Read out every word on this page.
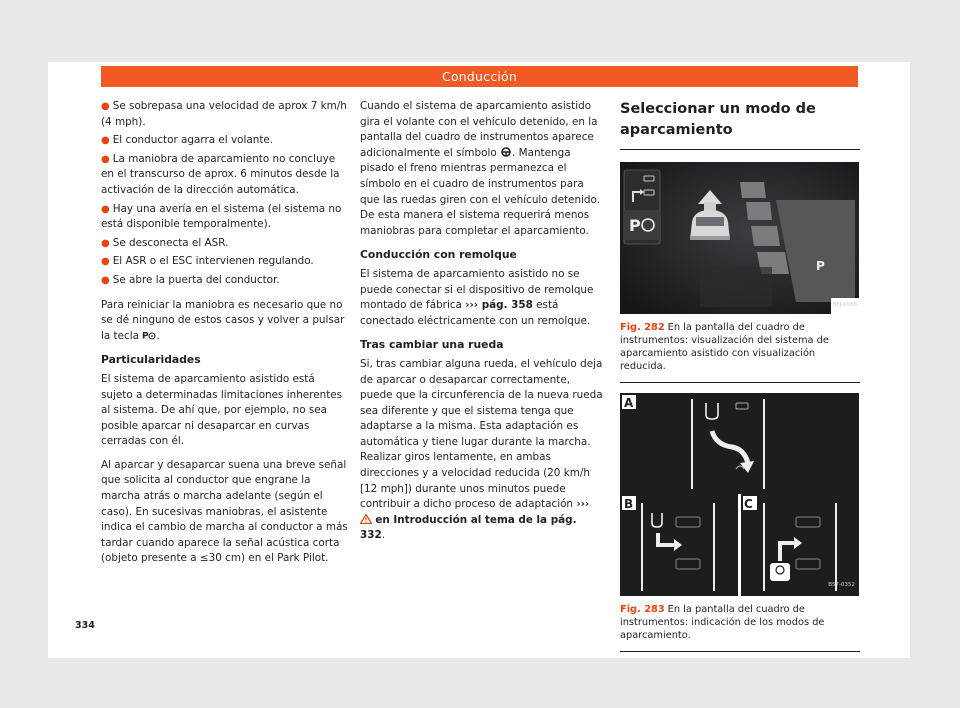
Conducción
● Se sobrepasa una velocidad de aprox 7 km/h (4 mph).
● El conductor agarra el volante.
● La maniobra de aparcamiento no concluye en el transcurso de aprox. 6 minutos desde la activación de la dirección automática.
● Hay una avería en el sistema (el sistema no está disponible temporalmente).
● Se desconecta el ASR.
● El ASR o el ESC intervienen regulando.
● Se abre la puerta del conductor.

Para reiniciar la maniobra es necesario que no se dé ninguno de estos casos y volver a pulsar la tecla P .

Particularidades

El sistema de aparcamiento asistido está sujeto a determinadas limitaciones inherentes al sistema. De ahí que, por ejemplo, no sea posible aparcar ni desaparcar en curvas cerradas con él.

Al aparcar y desaparcar suena una breve señal que solicita al conductor que engrane la marcha atrás o marcha adelante (según el caso). En sucesivas maniobras, el asistente indica el cambio de marcha al conductor a más tardar cuando aparece la señal acústica corta (objeto presente a ≤30 cm) en el Park Pilot.

Cuando el sistema de aparcamiento asistido gira el volante con el vehículo detenido, en la pantalla del cuadro de instrumentos aparece adicionalmente el símbolo . Mantenga pisado el freno mientras permanezca el símbolo en el cuadro de instrumentos para que las ruedas giren con el vehículo detenido. De esta manera el sistema requerirá menos maniobras para completar el aparcamiento.

Conducción con remolque

El sistema de aparcamiento asistido no se puede conectar si el dispositivo de remolque montado de fábrica ››› pág. 358 está conectado eléctricamente con un remolque.

Tras cambiar una rueda

Si, tras cambiar alguna rueda, el vehículo deja de aparcar o desaparcar correctamente, puede que la circunferencia de la nueva rueda sea diferente y que el sistema tenga que adaptarse a la misma. Esta adaptación es automática y tiene lugar durante la marcha. Realizar giros lentamente, en ambas direcciones y a velocidad reducida (20 km/h [12 mph]) durante unos minutos puede contribuir a dicho proceso de adaptación ›››  en Introducción al tema de la pág. 332.

Seleccionar un modo de aparcamiento
P
P
BFJ-0068
Fig. 282 En la pantalla del cuadro de instrumentos: visualización del sistema de aparcamiento asistido con visualización reducida.
A
B	C
B57-0352
Fig. 283 En la pantalla del cuadro de instrumentos: indicación de los modos de aparcamiento.
334
